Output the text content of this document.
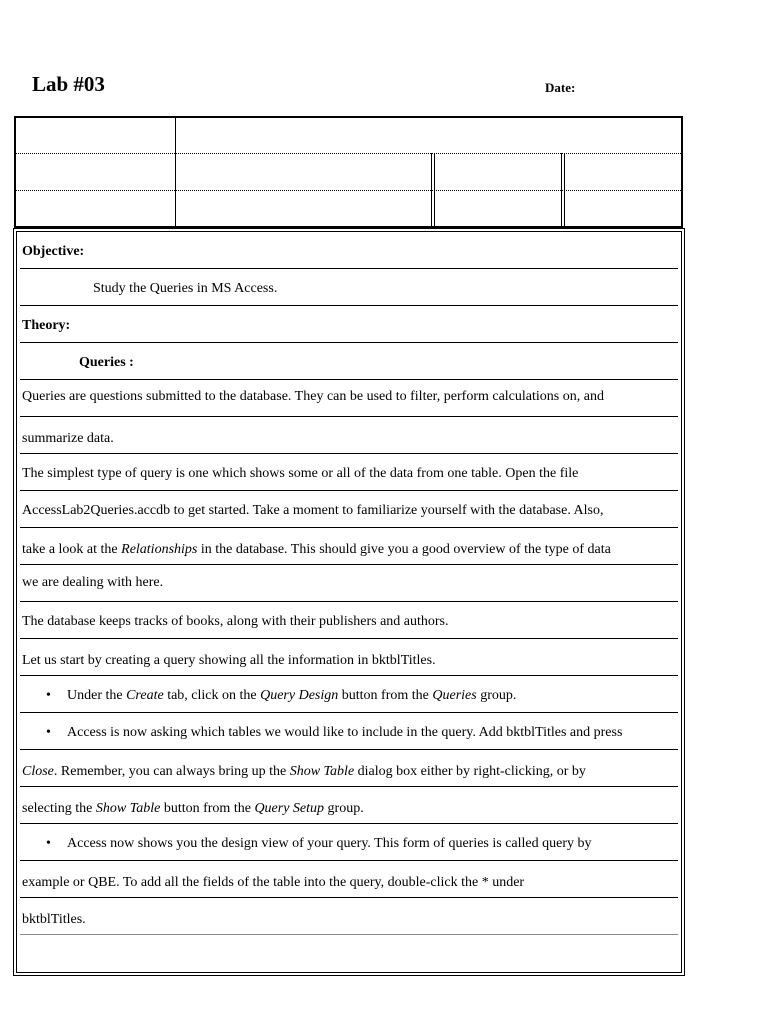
Lab #03	Date:
Objective:
Study the Queries in MS Access.
Theory:
Queries :
Queries are questions submitted to the database. They can be used to filter, perform calculations on, and
summarize data.
The simplest type of query is one which shows some or all of the data from one table. Open the file
AccessLab2Queries.accdb to get started. Take a moment to familiarize yourself with the database. Also,
take a look at the Relationships in the database. This should give you a good overview of the type of data
we are dealing with here.
The database keeps tracks of books, along with their publishers and authors.
Let us start by creating a query showing all the information in bktblTitles.
• Under the Create tab, click on the Query Design button from the Queries group.
• Access is now asking which tables we would like to include in the query. Add bktblTitles and press
Close. Remember, you can always bring up the Show Table dialog box either by right-clicking, or by
selecting the Show Table button from the Query Setup group.
• Access now shows you the design view of your query. This form of queries is called query by
example or QBE. To add all the fields of the table into the query, double-click the * under
bktblTitles.
